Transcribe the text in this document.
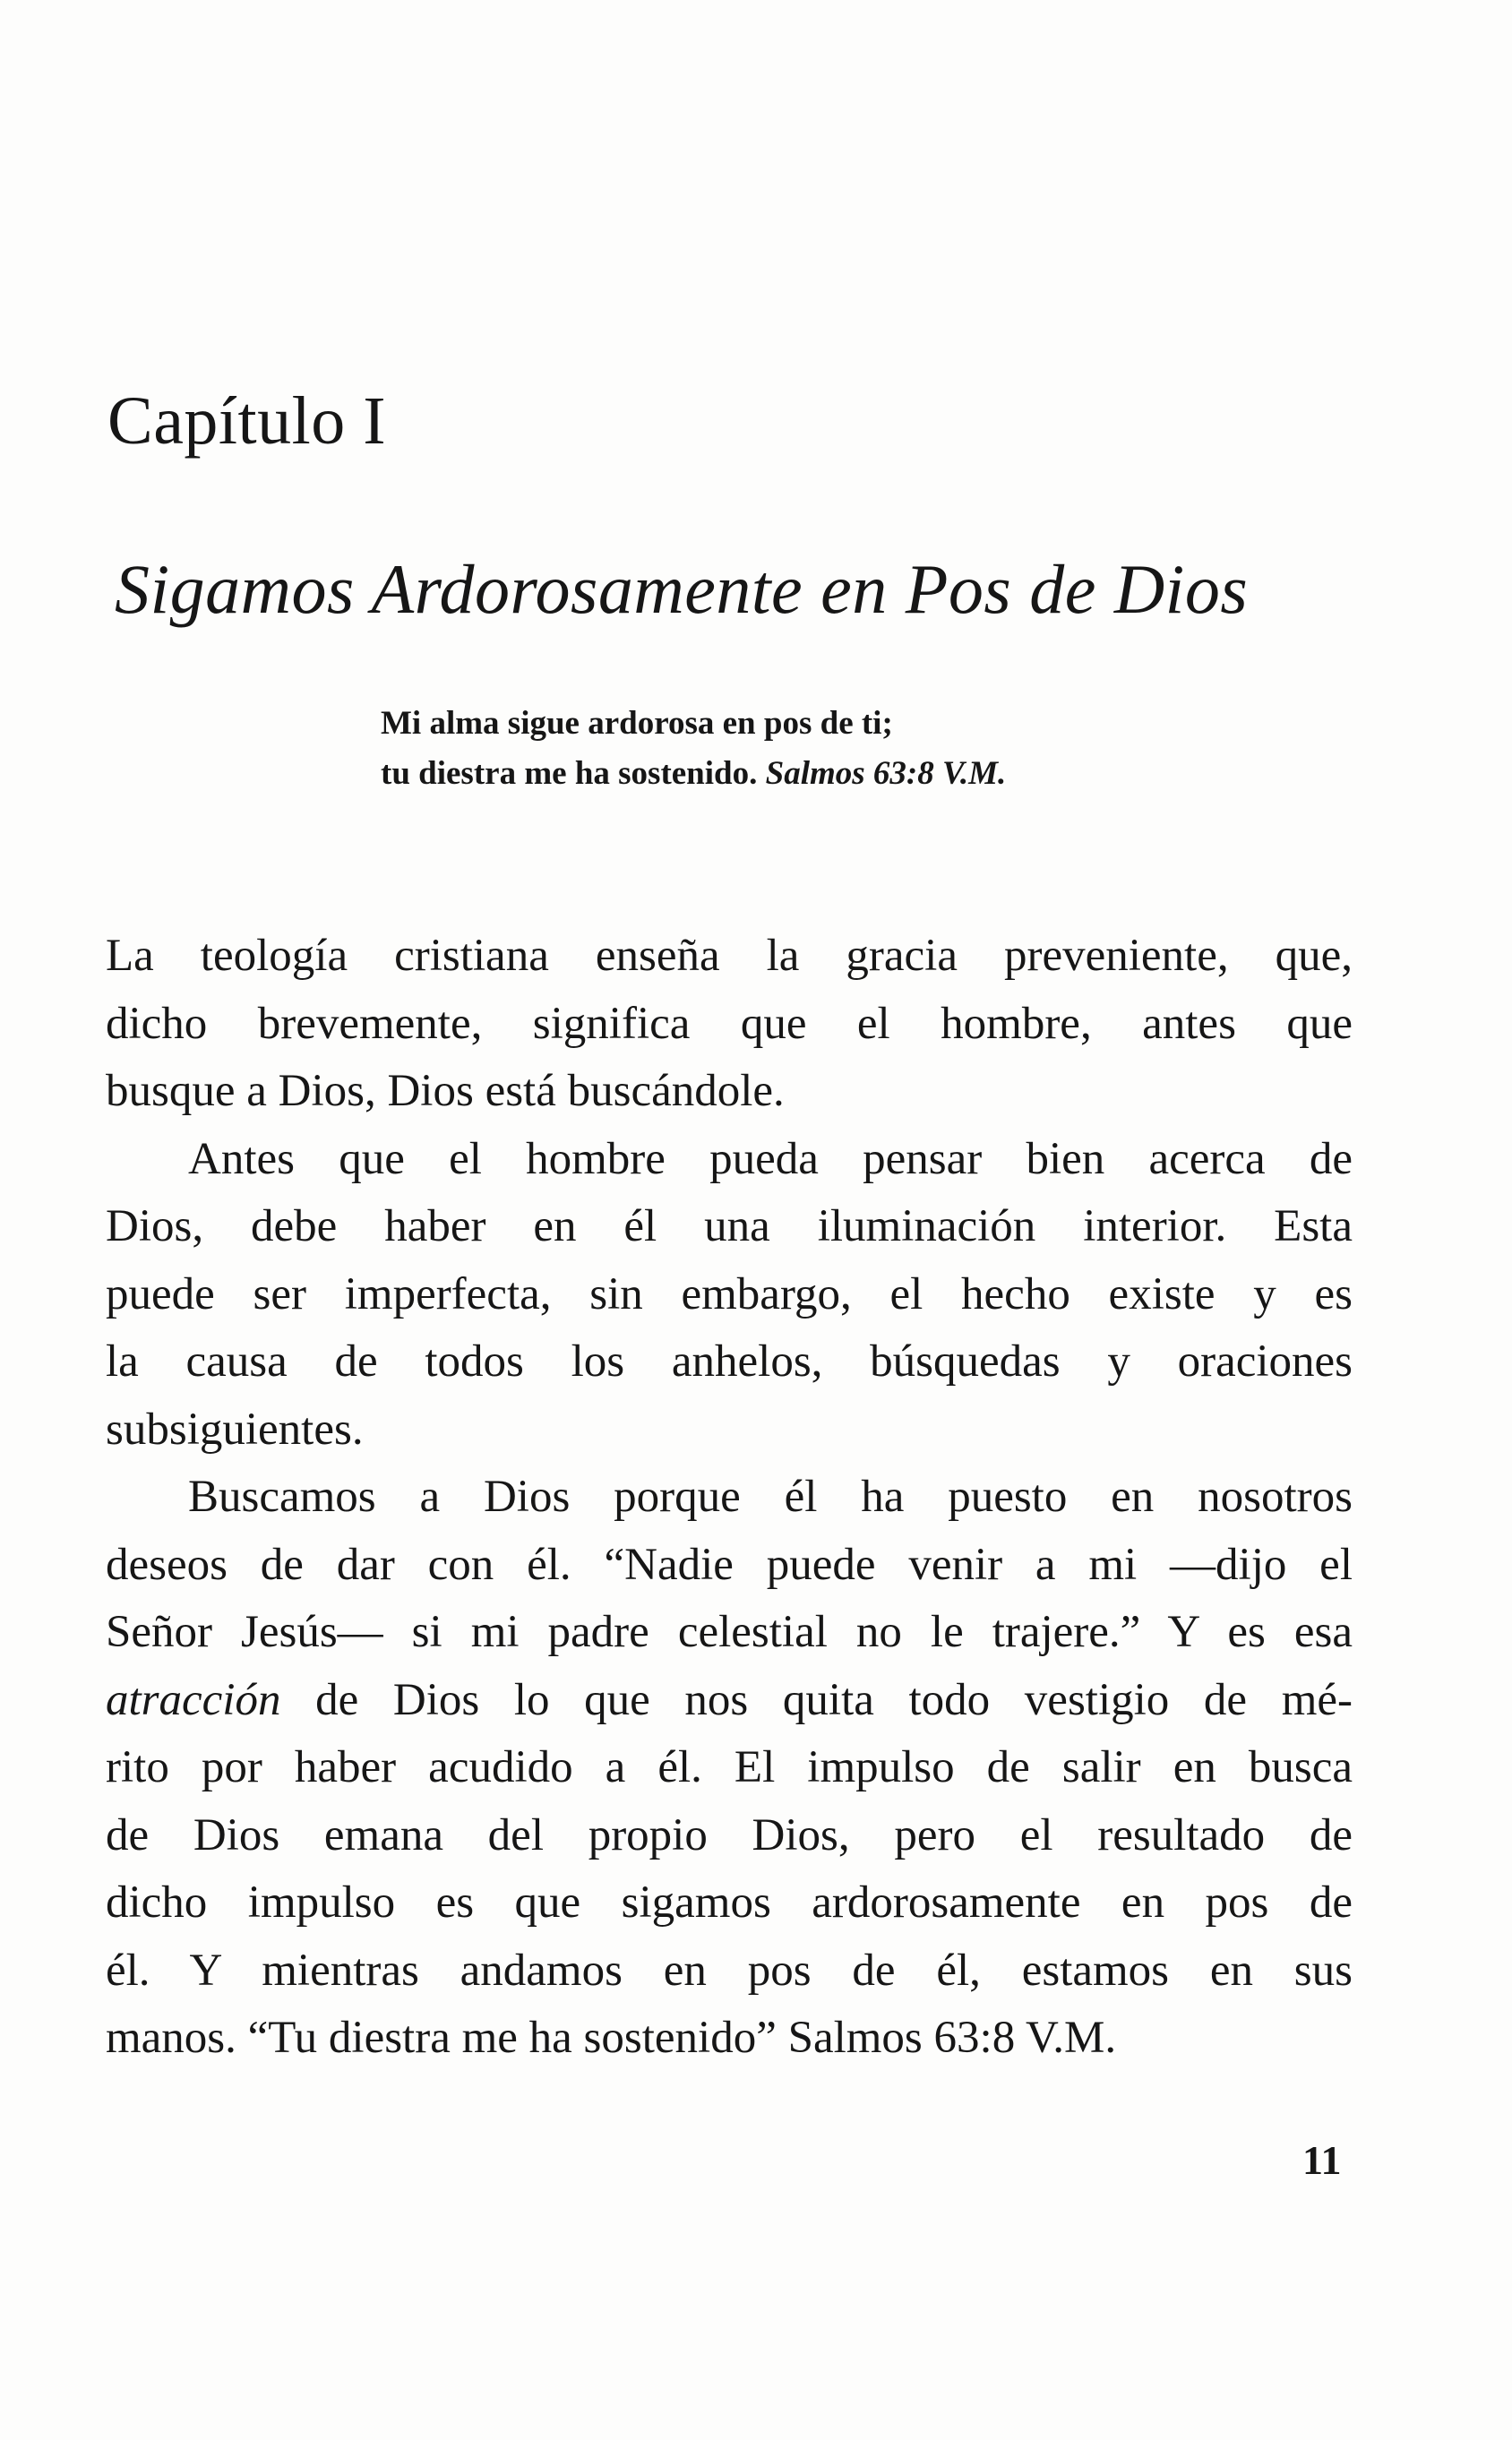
Capítulo I
Sigamos Ardorosamente en Pos de Dios
Mi alma sigue ardorosa en pos de ti;
tu diestra me ha sostenido. Salmos 63:8 V.M.

La teología cristiana enseña la gracia preveniente, que,
dicho brevemente, significa que el hombre, antes que
busque a Dios, Dios está buscándole.

Antes que el hombre pueda pensar bien acerca de
Dios, debe haber en él una iluminación interior. Esta
puede ser imperfecta, sin embargo, el hecho existe y es
la causa de todos los anhelos, búsquedas y oraciones
subsiguientes.

Buscamos a Dios porque él ha puesto en nosotros
deseos de dar con él. “Nadie puede venir a mi —dijo el
Señor Jesús— si mi padre celestial no le trajere.” Y es esa
atracción de Dios lo que nos quita todo vestigio de mé-
rito por haber acudido a él. El impulso de salir en busca
de Dios emana del propio Dios, pero el resultado de
dicho impulso es que sigamos ardorosamente en pos de
él. Y mientras andamos en pos de él, estamos en sus
manos. “Tu diestra me ha sostenido” Salmos 63:8 V.M.

11
